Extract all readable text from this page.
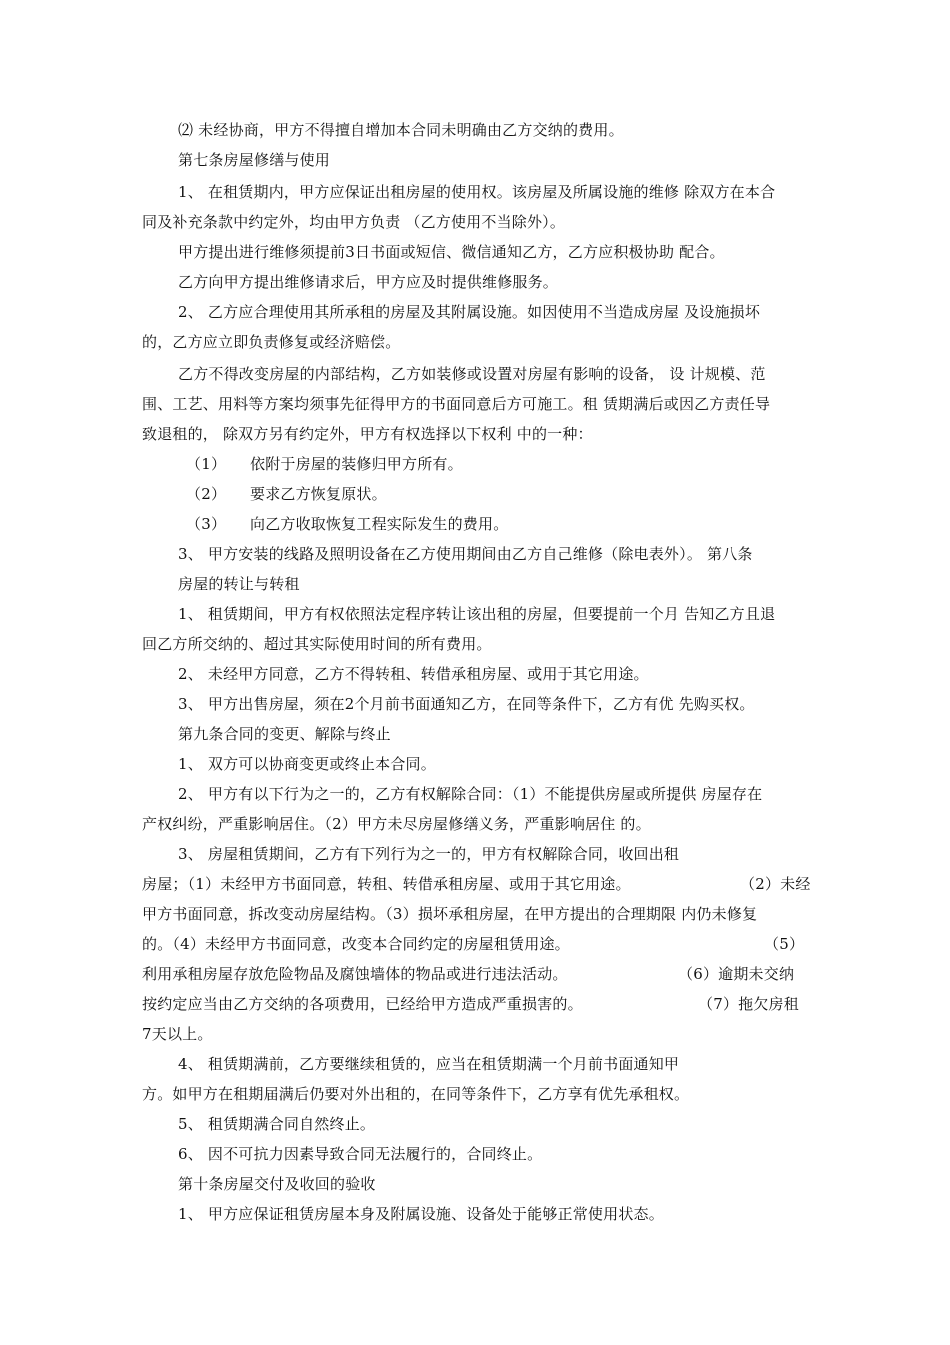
⑵ 未经协商，甲方不得擅自增加本合同未明确由乙方交纳的费用。
第七条房屋修缮与使用
1、 在租赁期内，甲方应保证出租房屋的使用权。该房屋及所属设施的维修 除双方在本合
同及补充条款中约定外，均由甲方负责 （乙方使用不当除外）。
甲方提出进行维修须提前3日书面或短信、微信通知乙方，乙方应积极协助 配合。
乙方向甲方提出维修请求后，甲方应及时提供维修服务。
2、 乙方应合理使用其所承租的房屋及其附属设施。如因使用不当造成房屋 及设施损坏
的，乙方应立即负责修复或经济赔偿。
乙方不得改变房屋的内部结构，乙方如装修或设置对房屋有影响的设备， 设 计规模、范
围、工艺、用料等方案均须事先征得甲方的书面同意后方可施工。租 赁期满后或因乙方责任导
致退租的， 除双方另有约定外，甲方有权选择以下权利 中的一种：
（1） 依附于房屋的装修归甲方所有。
（2） 要求乙方恢复原状。
（3） 向乙方收取恢复工程实际发生的费用。
3、 甲方安装的线路及照明设备在乙方使用期间由乙方自己维修（除电表外）。 第八条
房屋的转让与转租
1、 租赁期间，甲方有权依照法定程序转让该出租的房屋，但要提前一个月 告知乙方且退
回乙方所交纳的、超过其实际使用时间的所有费用。
2、 未经甲方同意，乙方不得转租、转借承租房屋、或用于其它用途。
3、 甲方出售房屋，须在2个月前书面通知乙方，在同等条件下，乙方有优 先购买权。
第九条合同的变更、解除与终止
1、 双方可以协商变更或终止本合同。
2、 甲方有以下行为之一的，乙方有权解除合同：（1）不能提供房屋或所提供 房屋存在
产权纠纷，严重影响居住。（2）甲方未尽房屋修缮义务，严重影响居住 的。
3、 房屋租赁期间，乙方有下列行为之一的，甲方有权解除合同，收回出租
房屋；（1）未经甲方书面同意，转租、转借承租房屋、或用于其它用途。	（2）未经
甲方书面同意，拆改变动房屋结构。（3）损坏承租房屋，在甲方提出的合理期限 内仍未修复
的。（4）未经甲方书面同意，改变本合同约定的房屋租赁用途。	（5）
利用承租房屋存放危险物品及腐蚀墙体的物品或进行违法活动。	（6）逾期未交纳
按约定应当由乙方交纳的各项费用，已经给甲方造成严重损害的。	（7）拖欠房租
7天以上。
4、 租赁期满前，乙方要继续租赁的，应当在租赁期满一个月前书面通知甲
方。如甲方在租期届满后仍要对外出租的，在同等条件下，乙方享有优先承租权。
5、 租赁期满合同自然终止。
6、 因不可抗力因素导致合同无法履行的，合同终止。
第十条房屋交付及收回的验收
1、 甲方应保证租赁房屋本身及附属设施、设备处于能够正常使用状态。
